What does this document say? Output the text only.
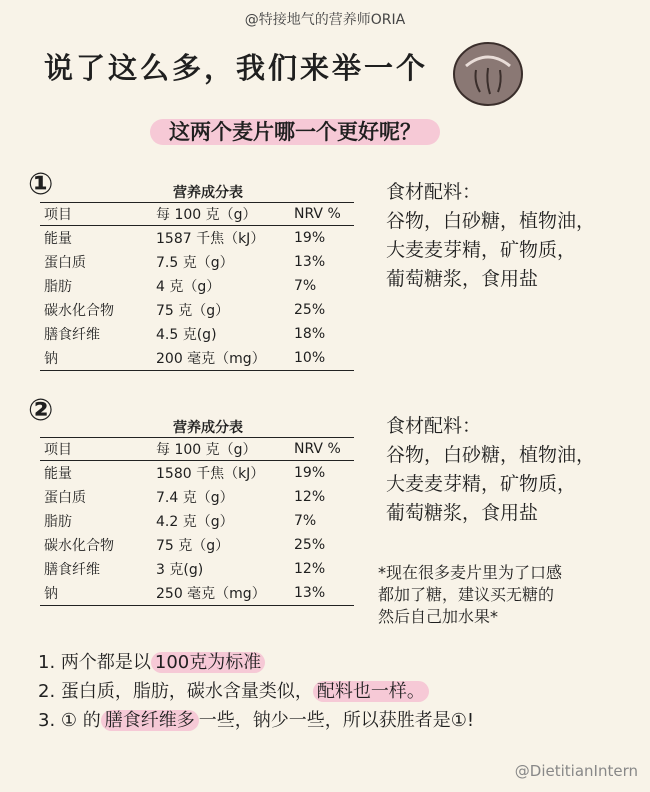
@特接地气的营养师ORIA
说了这么多，我们来举一个
这两个麦片哪一个更好呢？
①	营养成分表
项目	每 100 克（g）	NRV %
能量	1587 千焦（kJ）	19%
蛋白质	7.5 克（g）	13%
脂肪	4 克（g）	7%
碳水化合物	75 克（g）	25%
膳食纤维	4.5 克(g)	18%
钠	200 毫克（mg）	10%
食材配料：
谷物，白砂糖，植物油，
大麦麦芽精，矿物质，
葡萄糖浆，食用盐
②	营养成分表
项目	每 100 克（g）	NRV %
能量	1580 千焦（kJ）	19%
蛋白质	7.4 克（g）	12%
脂肪	4.2 克（g）	7%
碳水化合物	75 克（g）	25%
膳食纤维	3 克(g)	12%
钠	250 毫克（mg）	13%
食材配料：
谷物，白砂糖，植物油，
大麦麦芽精，矿物质，
葡萄糖浆，食用盐
*现在很多麦片里为了口感
都加了糖，建议买无糖的
然后自己加水果*
1. 两个都是以 100克为标准
2. 蛋白质，脂肪，碳水含量类似， 配料也一样。
3. ① 的 膳食纤维多 一些，钠少一些，所以获胜者是①!
@DietitianIntern
